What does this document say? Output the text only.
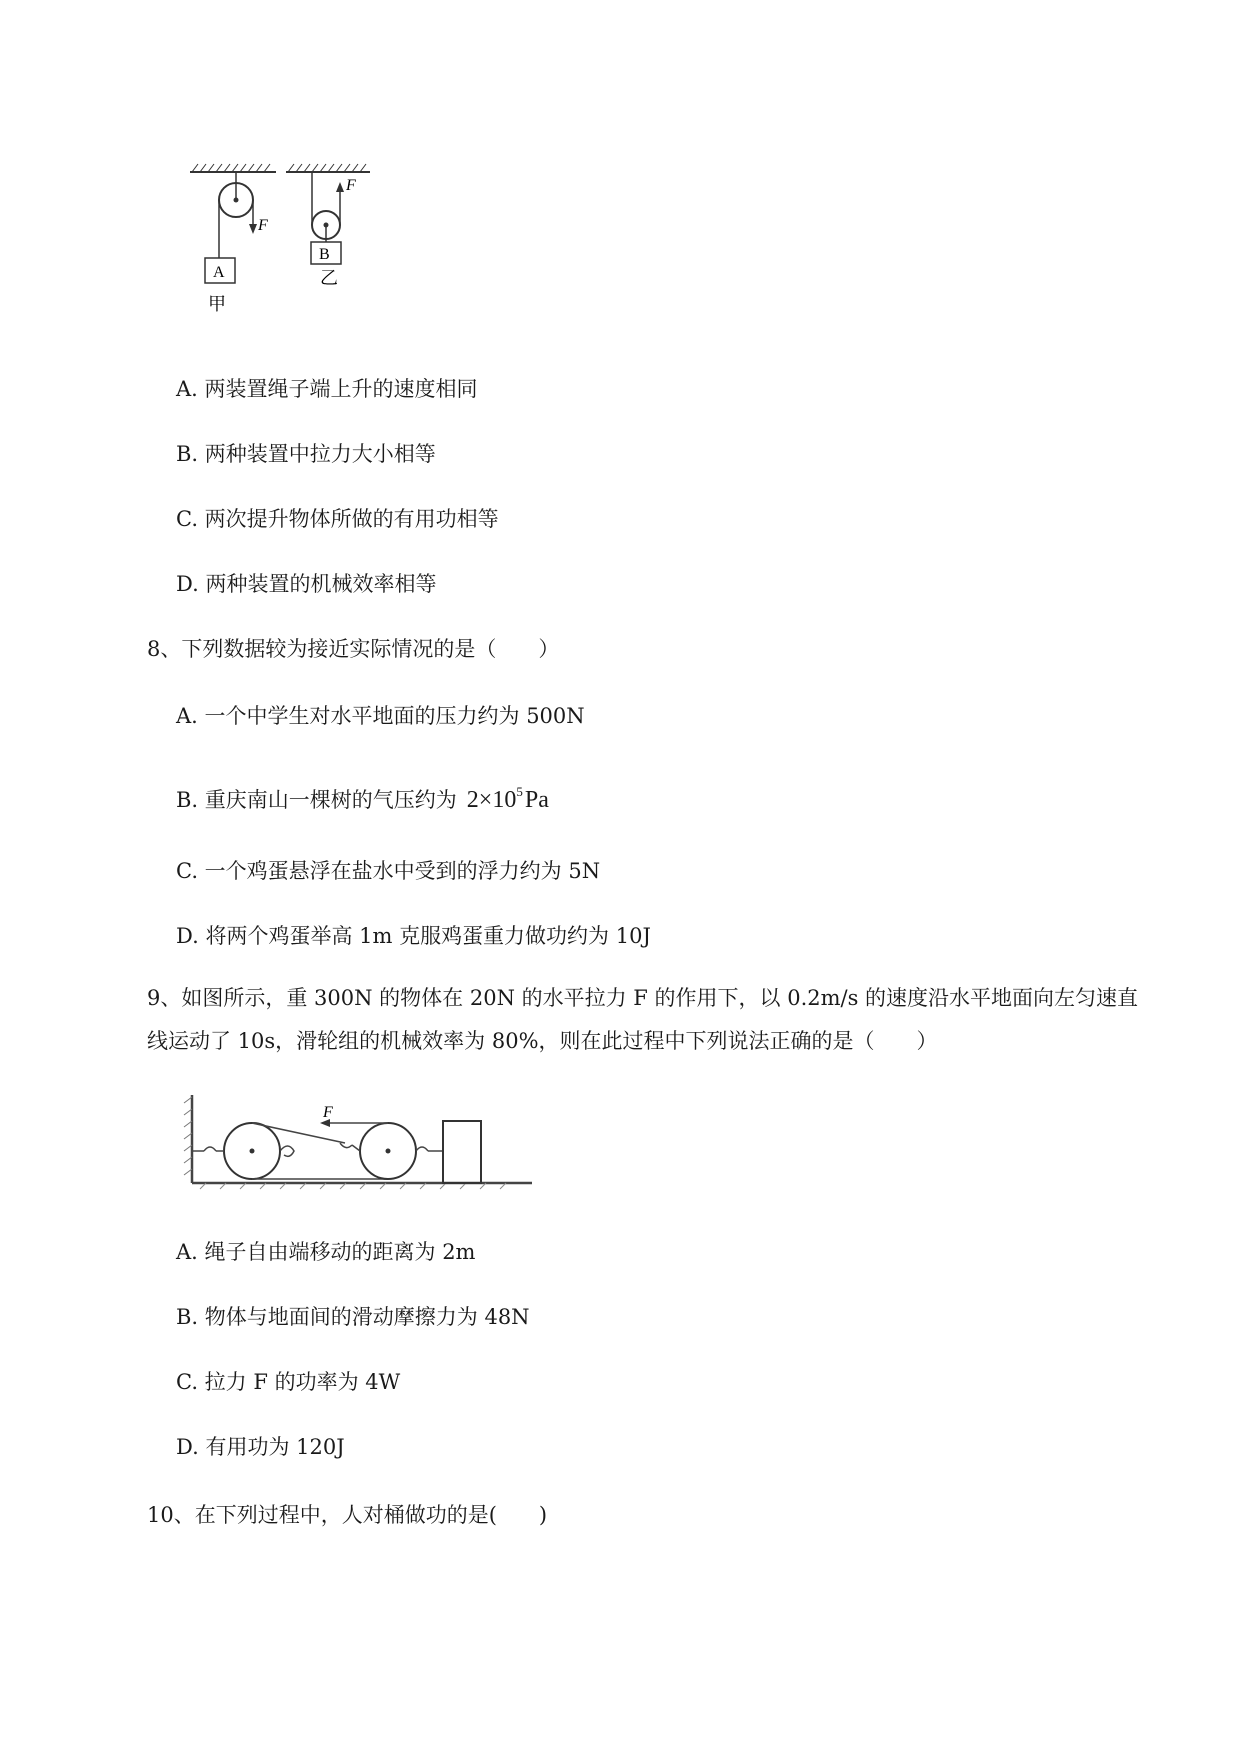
F
A
甲
F
B
乙
A. 两装置绳子端上升的速度相同
B. 两种装置中拉力大小相等
C. 两次提升物体所做的有用功相等
D. 两种装置的机械效率相等
8、下列数据较为接近实际情况的是（　　）
A. 一个中学生对水平地面的压力约为 500N
B. 重庆南山一棵树的气压约为 $2\times 10^5Pa$
C. 一个鸡蛋悬浮在盐水中受到的浮力约为 5N
D. 将两个鸡蛋举高 1m 克服鸡蛋重力做功约为 10J
9、如图所示，重 300N 的物体在 20N 的水平拉力 F 的作用下，以 0.2m/s 的速度沿水平地面向左匀速直
线运动了 10s，滑轮组的机械效率为 80%，则在此过程中下列说法正确的是（　　）
F
A. 绳子自由端移动的距离为 2m
B. 物体与地面间的滑动摩擦力为 48N
C. 拉力 F 的功率为 4W
D. 有用功为 120J
10、在下列过程中，人对桶做功的是(　　)
